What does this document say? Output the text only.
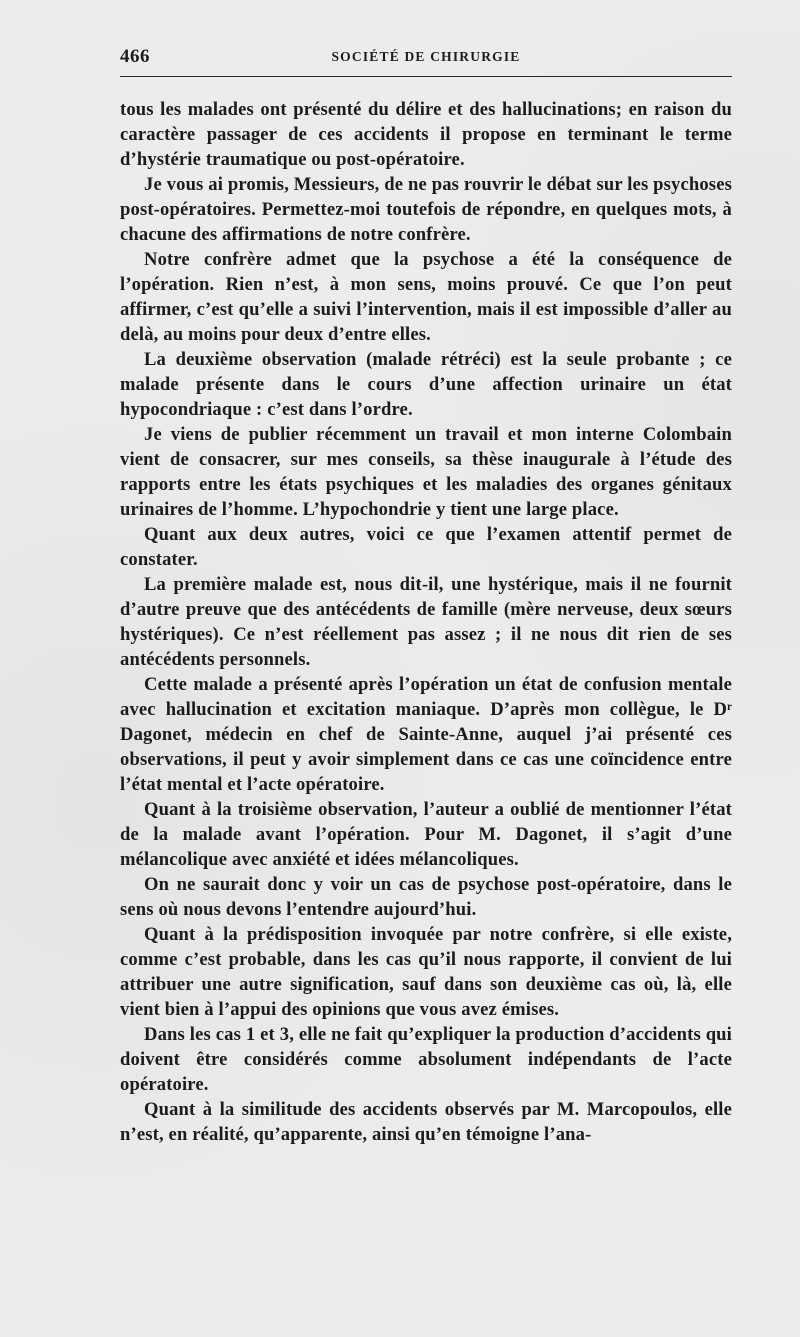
466	SOCIÉTÉ DE CHIRURGIE

tous les malades ont présenté du délire et des hallucinations; en raison du caractère passager de ces accidents il propose en terminant le terme d’hystérie traumatique ou post-opératoire.

Je vous ai promis, Messieurs, de ne pas rouvrir le débat sur les psychoses post-opératoires. Permettez-moi toutefois de répondre, en quelques mots, à chacune des affirmations de notre confrère.

Notre confrère admet que la psychose a été la conséquence de l’opération. Rien n’est, à mon sens, moins prouvé. Ce que l’on peut affirmer, c’est qu’elle a suivi l’intervention, mais il est impossible d’aller au delà, au moins pour deux d’entre elles.

La deuxième observation (malade rétréci) est la seule probante ; ce malade présente dans le cours d’une affection urinaire un état hypocondriaque : c’est dans l’ordre.

Je viens de publier récemment un travail et mon interne Colombain vient de consacrer, sur mes conseils, sa thèse inaugurale à l’étude des rapports entre les états psychiques et les maladies des organes génitaux urinaires de l’homme. L’hypochondrie y tient une large place.

Quant aux deux autres, voici ce que l’examen attentif permet de constater.

La première malade est, nous dit-il, une hystérique, mais il ne fournit d’autre preuve que des antécédents de famille (mère nerveuse, deux sœurs hystériques). Ce n’est réellement pas assez ; il ne nous dit rien de ses antécédents personnels.

Cette malade a présenté après l’opération un état de confusion mentale avec hallucination et excitation maniaque. D’après mon collègue, le Dʳ Dagonet, médecin en chef de Sainte-Anne, auquel j’ai présenté ces observations, il peut y avoir simplement dans ce cas une coïncidence entre l’état mental et l’acte opératoire.

Quant à la troisième observation, l’auteur a oublié de mentionner l’état de la malade avant l’opération. Pour M. Dagonet, il s’agit d’une mélancolique avec anxiété et idées mélancoliques.

On ne saurait donc y voir un cas de psychose post-opératoire, dans le sens où nous devons l’entendre aujourd’hui.

Quant à la prédisposition invoquée par notre confrère, si elle existe, comme c’est probable, dans les cas qu’il nous rapporte, il convient de lui attribuer une autre signification, sauf dans son deuxième cas où, là, elle vient bien à l’appui des opinions que vous avez émises.

Dans les cas 1 et 3, elle ne fait qu’expliquer la production d’accidents qui doivent être considérés comme absolument indépendants de l’acte opératoire.

Quant à la similitude des accidents observés par M. Marcopoulos, elle n’est, en réalité, qu’apparente, ainsi qu’en témoigne l’ana-
